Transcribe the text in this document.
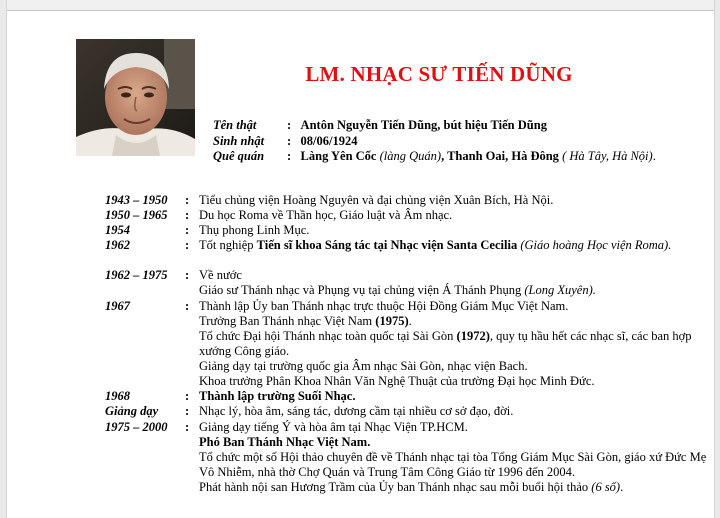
LM. NHẠC SƯ TIẾN DŨNG
Tên thật : Antôn Nguyễn Tiến Dũng, bút hiệu Tiến Dũng
Sinh nhật : 08/06/1924
Quê quán : Làng Yên Cốc (làng Quán), Thanh Oai, Hà Đông ( Hà Tây, Hà Nội).
1943 – 1950	: Tiểu chủng viện Hoàng Nguyên và đại chủng viện Xuân Bích, Hà Nội.
1950 – 1965	: Du học Roma về Thần học, Giáo luật và Âm nhạc.
1954	: Thụ phong Linh Mục.
1962	: Tốt nghiệp Tiến sĩ khoa Sáng tác tại Nhạc viện Santa Cecilia (Giáo hoàng Học viện Roma).
1962 – 1975	: Về nước
Giáo sư Thánh nhạc và Phụng vụ tại chủng viện Á Thánh Phụng (Long Xuyên).
1967	: Thành lập Ủy ban Thánh nhạc trực thuộc Hội Đồng Giám Mục Việt Nam.
Trưởng Ban Thánh nhạc Việt Nam (1975).
Tổ chức Đại hội Thánh nhạc toàn quốc tại Sài Gòn (1972), quy tụ hầu hết các nhạc sĩ, các ban hợp xướng Công giáo.
Giảng dạy tại trường quốc gia Âm nhạc Sài Gòn, nhạc viện Bach.
Khoa trưởng Phân Khoa Nhân Văn Nghệ Thuật của trường Đại học Minh Đức.
1968	: Thành lập trường Suối Nhạc.
Giảng dạy	: Nhạc lý, hòa âm, sáng tác, dương cầm tại nhiều cơ sở đạo, đời.
1975 – 2000	: Giảng dạy tiếng Ý và hòa âm tại Nhạc Viện TP.HCM.
Phó Ban Thánh Nhạc Việt Nam.
Tổ chức một số Hội thảo chuyên đề về Thánh nhạc tại tòa Tổng Giám Mục Sài Gòn, giáo xứ Đức Mẹ Vô Nhiễm, nhà thờ Chợ Quán và Trung Tâm Công Giáo từ 1996 đến 2004.
Phát hành nội san Hương Trầm của Ủy ban Thánh nhạc sau mỗi buổi hội thảo (6 số).
